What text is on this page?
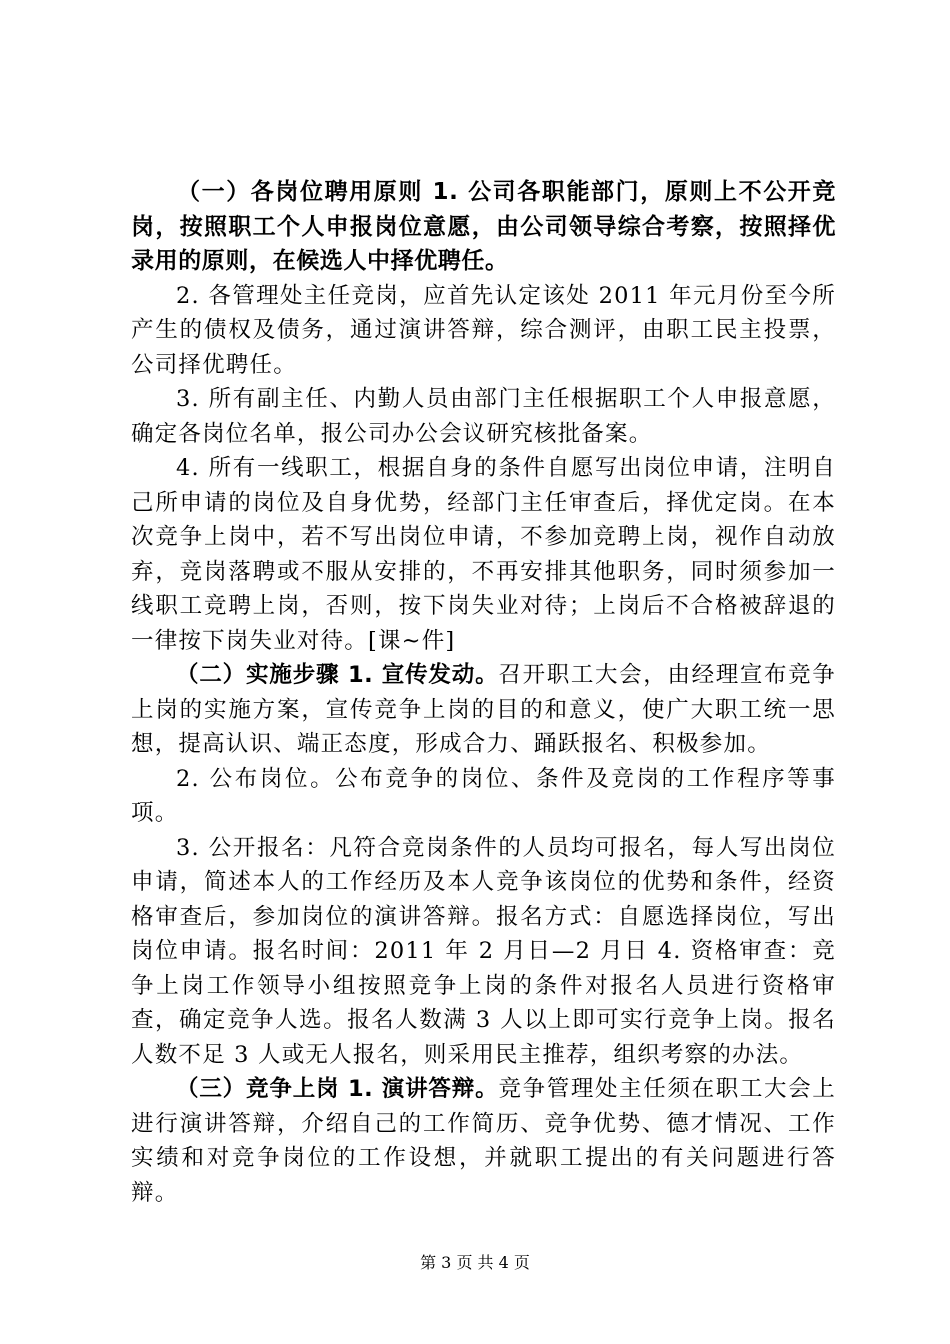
（一）各岗位聘用原则 1. 公司各职能部门，原则上不公开竞岗，按照职工个人申报岗位意愿，由公司领导综合考察，按照择优录用的原则，在候选人中择优聘任。

2. 各管理处主任竞岗，应首先认定该处 2011 年元月份至今所产生的债权及债务，通过演讲答辩，综合测评，由职工民主投票，公司择优聘任。

3. 所有副主任、内勤人员由部门主任根据职工个人申报意愿，确定各岗位名单，报公司办公会议研究核批备案。

4. 所有一线职工，根据自身的条件自愿写出岗位申请，注明自己所申请的岗位及自身优势，经部门主任审查后，择优定岗。在本次竞争上岗中，若不写出岗位申请，不参加竞聘上岗，视作自动放弃，竞岗落聘或不服从安排的，不再安排其他职务，同时须参加一线职工竞聘上岗，否则，按下岗失业对待；上岗后不合格被辞退的一律按下岗失业对待。[课~件]

（二）实施步骤 1. 宣传发动。召开职工大会，由经理宣布竞争上岗的实施方案，宣传竞争上岗的目的和意义，使广大职工统一思想，提高认识、端正态度，形成合力、踊跃报名、积极参加。

2. 公布岗位。公布竞争的岗位、条件及竞岗的工作程序等事项。

3. 公开报名：凡符合竞岗条件的人员均可报名，每人写出岗位申请，简述本人的工作经历及本人竞争该岗位的优势和条件，经资格审查后，参加岗位的演讲答辩。报名方式：自愿选择岗位，写出岗位申请。报名时间：2011 年 2 月日—2 月日 4. 资格审查：竞争上岗工作领导小组按照竞争上岗的条件对报名人员进行资格审查，确定竞争人选。报名人数满 3 人以上即可实行竞争上岗。报名人数不足 3 人或无人报名，则采用民主推荐，组织考察的办法。

（三）竞争上岗 1. 演讲答辩。竞争管理处主任须在职工大会上进行演讲答辩，介绍自己的工作简历、竞争优势、德才情况、工作实绩和对竞争岗位的工作设想，并就职工提出的有关问题进行答辩。

第 3 页 共 4 页
